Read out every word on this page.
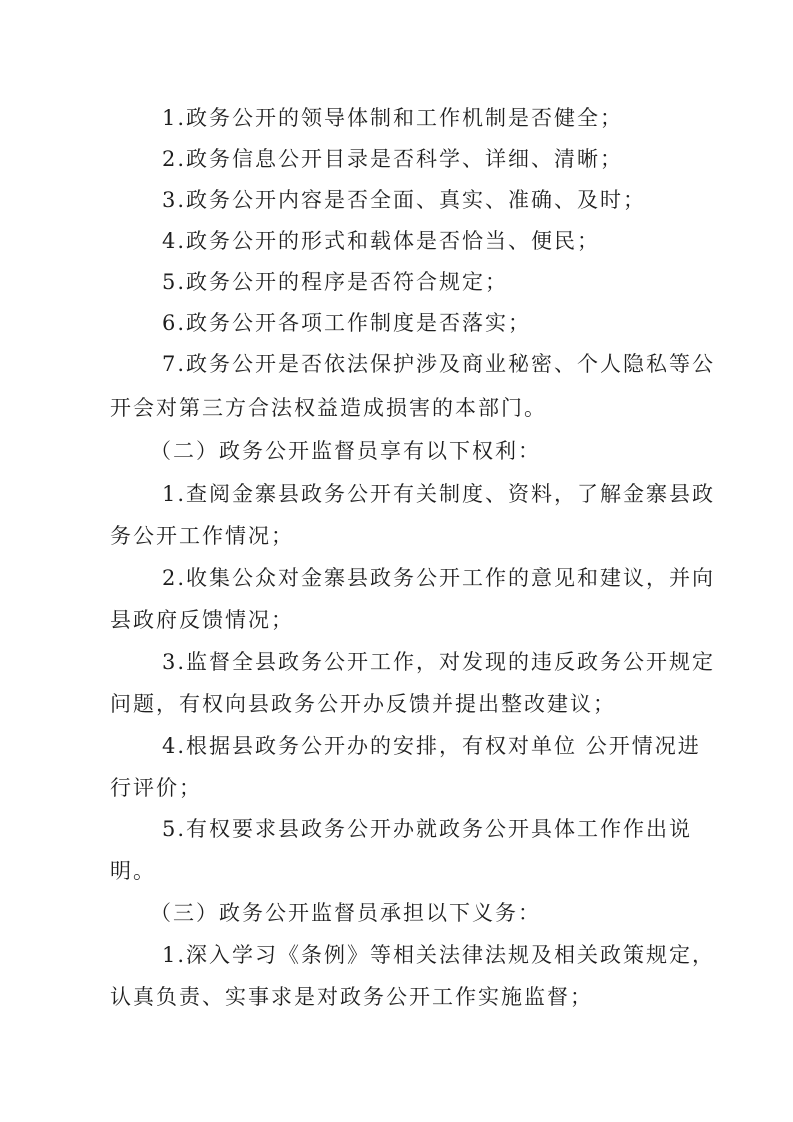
1.政务公开的领导体制和工作机制是否健全；
2.政务信息公开目录是否科学、详细、清晰；
3.政务公开内容是否全面、真实、准确、及时；
4.政务公开的形式和载体是否恰当、便民；
5.政务公开的程序是否符合规定；
6.政务公开各项工作制度是否落实；
7.政务公开是否依法保护涉及商业秘密、个人隐私等公
开会对第三方合法权益造成损害的本部门。
（二）政务公开监督员享有以下权利：
1.查阅金寨县政务公开有关制度、资料，了解金寨县政
务公开工作情况；
2.收集公众对金寨县政务公开工作的意见和建议，并向
县政府反馈情况；
3.监督全县政务公开工作，对发现的违反政务公开规定
问题，有权向县政务公开办反馈并提出整改建议；
4.根据县政务公开办的安排，有权对单位 公开情况进
行评价；
5.有权要求县政务公开办就政务公开具体工作作出说
明。
（三）政务公开监督员承担以下义务：
1.深入学习《条例》等相关法律法规及相关政策规定，
认真负责、实事求是对政务公开工作实施监督；
